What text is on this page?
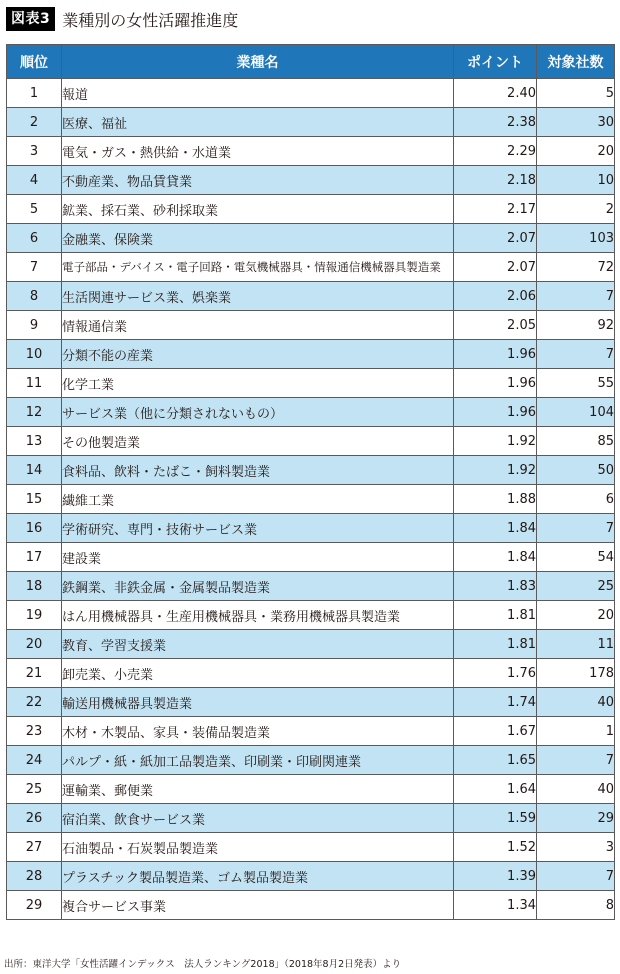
図表3 業種別の女性活躍推進度
順位	業種名	ポイント	対象社数
1	報道	2.40	5
2	医療、福祉	2.38	30
3	電気・ガス・熱供給・水道業	2.29	20
4	不動産業、物品賃貸業	2.18	10
5	鉱業、採石業、砂利採取業	2.17	2
6	金融業、保険業	2.07	103
7	電子部品・デバイス・電子回路・電気機械器具・情報通信機械器具製造業	2.07	72
8	生活関連サービス業、娯楽業	2.06	7
9	情報通信業	2.05	92
10	分類不能の産業	1.96	7
11	化学工業	1.96	55
12	サービス業（他に分類されないもの）	1.96	104
13	その他製造業	1.92	85
14	食料品、飲料・たばこ・飼料製造業	1.92	50
15	繊維工業	1.88	6
16	学術研究、専門・技術サービス業	1.84	7
17	建設業	1.84	54
18	鉄鋼業、非鉄金属・金属製品製造業	1.83	25
19	はん用機械器具・生産用機械器具・業務用機械器具製造業	1.81	20
20	教育、学習支援業	1.81	11
21	卸売業、小売業	1.76	178
22	輸送用機械器具製造業	1.74	40
23	木材・木製品、家具・装備品製造業	1.67	1
24	パルプ・紙・紙加工品製造業、印刷業・印刷関連業	1.65	7
25	運輸業、郵便業	1.64	40
26	宿泊業、飲食サービス業	1.59	29
27	石油製品・石炭製品製造業	1.52	3
28	プラスチック製品製造業、ゴム製品製造業	1.39	7
29	複合サービス事業	1.34	8
出所：東洋大学「女性活躍インデックス　法人ランキング2018」（2018年8月2日発表）より
